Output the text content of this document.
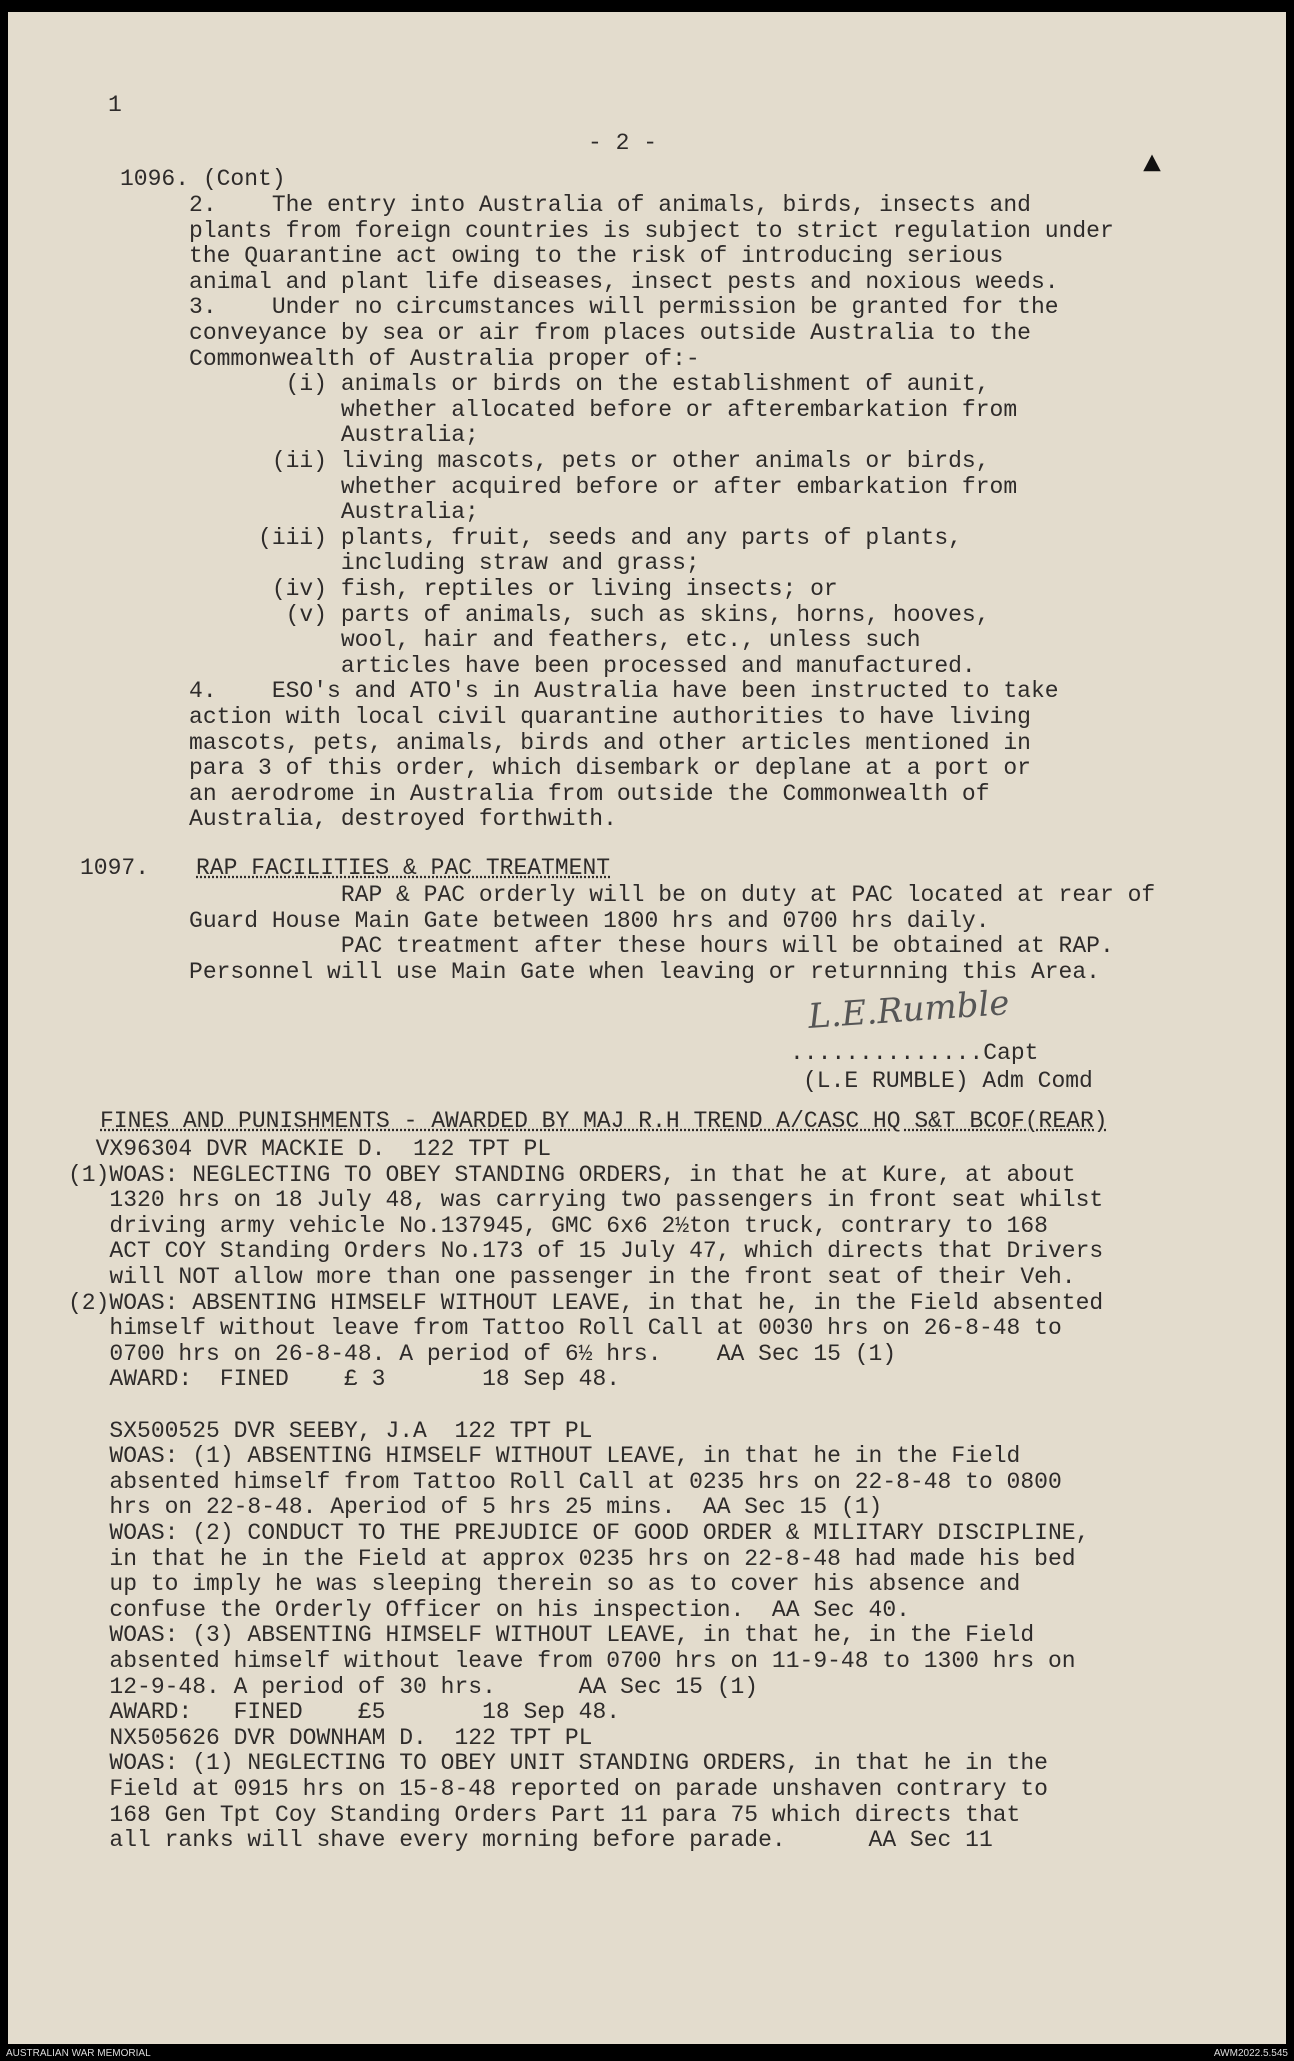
1
- 2 -
▲
1096. (Cont)
2.    The entry into Australia of animals, birds, insects and
plants from foreign countries is subject to strict regulation under
the Quarantine act owing to the risk of introducing serious
animal and plant life diseases, insect pests and noxious weeds.
3.    Under no circumstances will permission be granted for the
conveyance by sea or air from places outside Australia to the
Commonwealth of Australia proper of:-
(i) animals or birds on the establishment of aunit,
whether allocated before or afterembarkation from
Australia;
(ii) living mascots, pets or other animals or birds,
whether acquired before or after embarkation from
Australia;
(iii) plants, fruit, seeds and any parts of plants,
including straw and grass;
(iv) fish, reptiles or living insects; or
(v) parts of animals, such as skins, horns, hooves,
wool, hair and feathers, etc., unless such
articles have been processed and manufactured.
4.    ESO's and ATO's in Australia have been instructed to take
action with local civil quarantine authorities to have living
mascots, pets, animals, birds and other articles mentioned in
para 3 of this order, which disembark or deplane at a port or
an aerodrome in Australia from outside the Commonwealth of
Australia, destroyed forthwith.
1097. RAP FACILITIES & PAC TREATMENT
RAP & PAC orderly will be on duty at PAC located at rear of
Guard House Main Gate between 1800 hrs and 0700 hrs daily.
PAC treatment after these hours will be obtained at RAP.
Personnel will use Main Gate when leaving or returnning this Area.
L.E.Rumble
..............Capt
(L.E RUMBLE) Adm Comd
FINES AND PUNISHMENTS - AWARDED BY MAJ R.H TREND A/CASC HQ S&T BCOF(REAR)
VX96304 DVR MACKIE D.  122 TPT PL
(1)WOAS: NEGLECTING TO OBEY STANDING ORDERS, in that he at Kure, at about
1320 hrs on 18 July 48, was carrying two passengers in front seat whilst
driving army vehicle No.137945, GMC 6x6 2½ton truck, contrary to 168
ACT COY Standing Orders No.173 of 15 July 47, which directs that Drivers
will NOT allow more than one passenger in the front seat of their Veh.
(2)WOAS: ABSENTING HIMSELF WITHOUT LEAVE, in that he, in the Field absented
himself without leave from Tattoo Roll Call at 0030 hrs on 26-8-48 to
0700 hrs on 26-8-48. A period of 6½ hrs.    AA Sec 15 (1)
AWARD:  FINED    £ 3       18 Sep 48.
SX500525 DVR SEEBY, J.A  122 TPT PL
WOAS: (1) ABSENTING HIMSELF WITHOUT LEAVE, in that he in the Field
absented himself from Tattoo Roll Call at 0235 hrs on 22-8-48 to 0800
hrs on 22-8-48. Aperiod of 5 hrs 25 mins.  AA Sec 15 (1)
WOAS: (2) CONDUCT TO THE PREJUDICE OF GOOD ORDER & MILITARY DISCIPLINE,
in that he in the Field at approx 0235 hrs on 22-8-48 had made his bed
up to imply he was sleeping therein so as to cover his absence and
confuse the Orderly Officer on his inspection.  AA Sec 40.
WOAS: (3) ABSENTING HIMSELF WITHOUT LEAVE, in that he, in the Field
absented himself without leave from 0700 hrs on 11-9-48 to 1300 hrs on
12-9-48. A period of 30 hrs.      AA Sec 15 (1)
AWARD:   FINED    £5       18 Sep 48.
NX505626 DVR DOWNHAM D.  122 TPT PL
WOAS: (1) NEGLECTING TO OBEY UNIT STANDING ORDERS, in that he in the
Field at 0915 hrs on 15-8-48 reported on parade unshaven contrary to
168 Gen Tpt Coy Standing Orders Part 11 para 75 which directs that
all ranks will shave every morning before parade.      AA Sec 11
AUSTRALIAN WAR MEMORIAL	AWM2022.5.545
